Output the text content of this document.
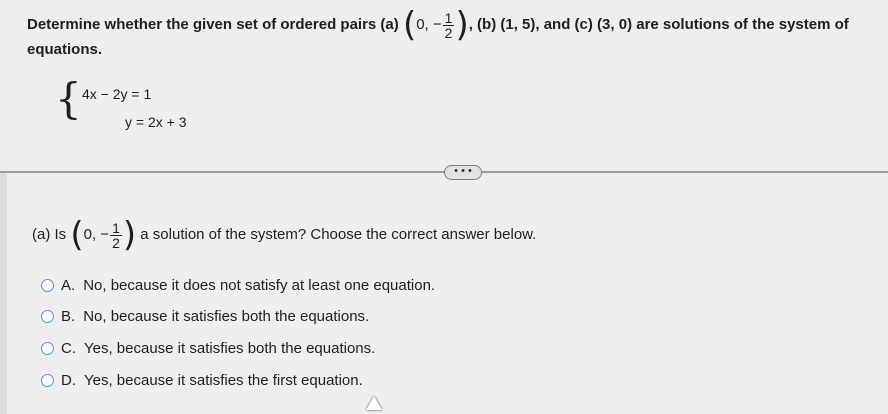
Determine whether the given set of ordered pairs (a) (0, − $\frac{1}{2}$ ), (b) (1, 5), and (c) (3, 0) are solutions of the system of
equations.
{ 4x − 2y = 1
y = 2x + 3
• • •
(a) Is (0, − $\frac{1}{2}$ ) a solution of the system? Choose the correct answer below.
A. No, because it does not satisfy at least one equation.
B. No, because it satisfies both the equations.
C. Yes, because it satisfies both the equations.
D. Yes, because it satisfies the first equation.
